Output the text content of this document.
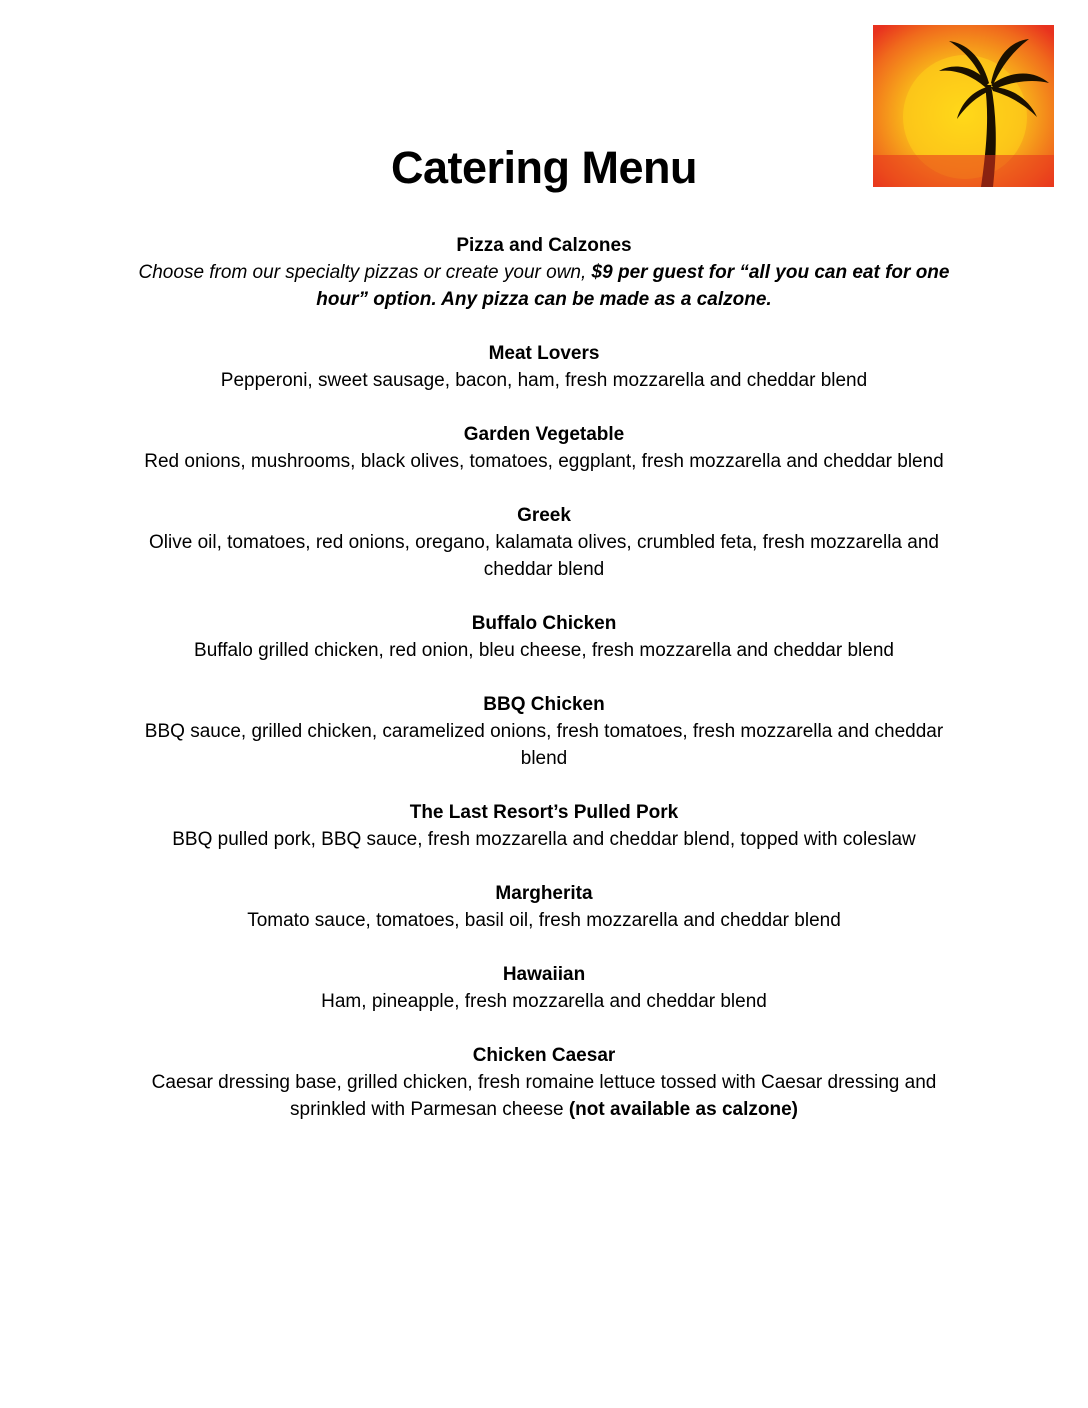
Catering Menu

Pizza and Calzones

Choose from our specialty pizzas or create your own, $9 per guest for “all you can eat for one hour” option. Any pizza can be made as a calzone.

Meat Lovers

Pepperoni, sweet sausage, bacon, ham, fresh mozzarella and cheddar blend

Garden Vegetable

Red onions, mushrooms, black olives, tomatoes, eggplant, fresh mozzarella and cheddar blend

Greek

Olive oil, tomatoes, red onions, oregano, kalamata olives, crumbled feta, fresh mozzarella and cheddar blend

Buffalo Chicken

Buffalo grilled chicken, red onion, bleu cheese, fresh mozzarella and cheddar blend

BBQ Chicken

BBQ sauce, grilled chicken, caramelized onions, fresh tomatoes, fresh mozzarella and cheddar blend

The Last Resort’s Pulled Pork

BBQ pulled pork, BBQ sauce, fresh mozzarella and cheddar blend, topped with coleslaw

Margherita

Tomato sauce, tomatoes, basil oil, fresh mozzarella and cheddar blend

Hawaiian

Ham, pineapple, fresh mozzarella and cheddar blend

Chicken Caesar

Caesar dressing base, grilled chicken, fresh romaine lettuce tossed with Caesar dressing and sprinkled with Parmesan cheese (not available as calzone)
